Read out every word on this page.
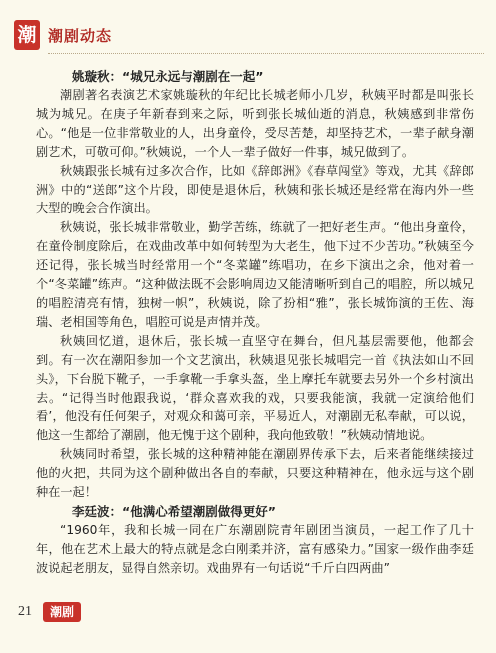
潮 潮剧动态
姚璇秋：“城兄永远与潮剧在一起”

潮剧著名表演艺术家姚璇秋的年纪比长城老师小几岁，秋姨平时都是叫张长城为城兄。在庚子年新春到来之际，听到张长城仙逝的消息，秋姨感到非常伤心。“他是一位非常敬业的人，出身童伶，受尽苦楚，却坚持艺术，一辈子献身潮剧艺术，可敬可仰。”秋姨说，一个人一辈子做好一件事，城兄做到了。

秋姨跟张长城有过多次合作，比如《辞郎洲》《春草闯堂》等戏，尤其《辞郎洲》中的“送郎”这个片段，即使是退休后，秋姨和张长城还是经常在海内外一些大型的晚会合作演出。

秋姨说，张长城非常敬业，勤学苦练，练就了一把好老生声。“他出身童伶，在童伶制度除后，在戏曲改革中如何转型为大老生，他下过不少苦功。”秋姨至今还记得，张长城当时经常用一个“冬菜罐”练唱功，在乡下演出之余，他对着一个“冬菜罐”练声。“这种做法既不会影响周边又能清晰听到自己的唱腔，所以城兄的唱腔清亮有情，独树一帜”，秋姨说，除了扮相“雅”，张长城饰演的王佐、海瑞、老相国等角色，唱腔可说是声情并茂。

秋姨回忆道，退休后，张长城一直坚守在舞台，但凡基层需要他，他都会到。有一次在潮阳参加一个文艺演出，秋姨退见张长城唱完一首《执法如山不回头》，下台脱下靴子，一手拿靴一手拿头盔，坐上摩托车就要去另外一个乡村演出去。“记得当时他跟我说，‘群众喜欢我的戏，只要我能演，我就一定演给他们看’，他没有任何架子，对观众和蔼可亲，平易近人，对潮剧无私奉献，可以说，他这一生都给了潮剧，他无愧于这个剧种，我向他致敬！”秋姨动情地说。

秋姨同时希望，张长城的这种精神能在潮剧界传承下去，后来者能继续接过他的火把，共同为这个剧种做出各自的奉献，只要这种精神在，他永远与这个剧种在一起！

李廷波：“他满心希望潮剧做得更好”

“1960年，我和长城一同在广东潮剧院青年剧团当演员，一起工作了几十年，他在艺术上最大的特点就是念白刚柔并济，富有感染力。”国家一级作曲李廷波说起老朋友，显得自然亲切。戏曲界有一句话说“千斤白四两曲”

21	潮剧
